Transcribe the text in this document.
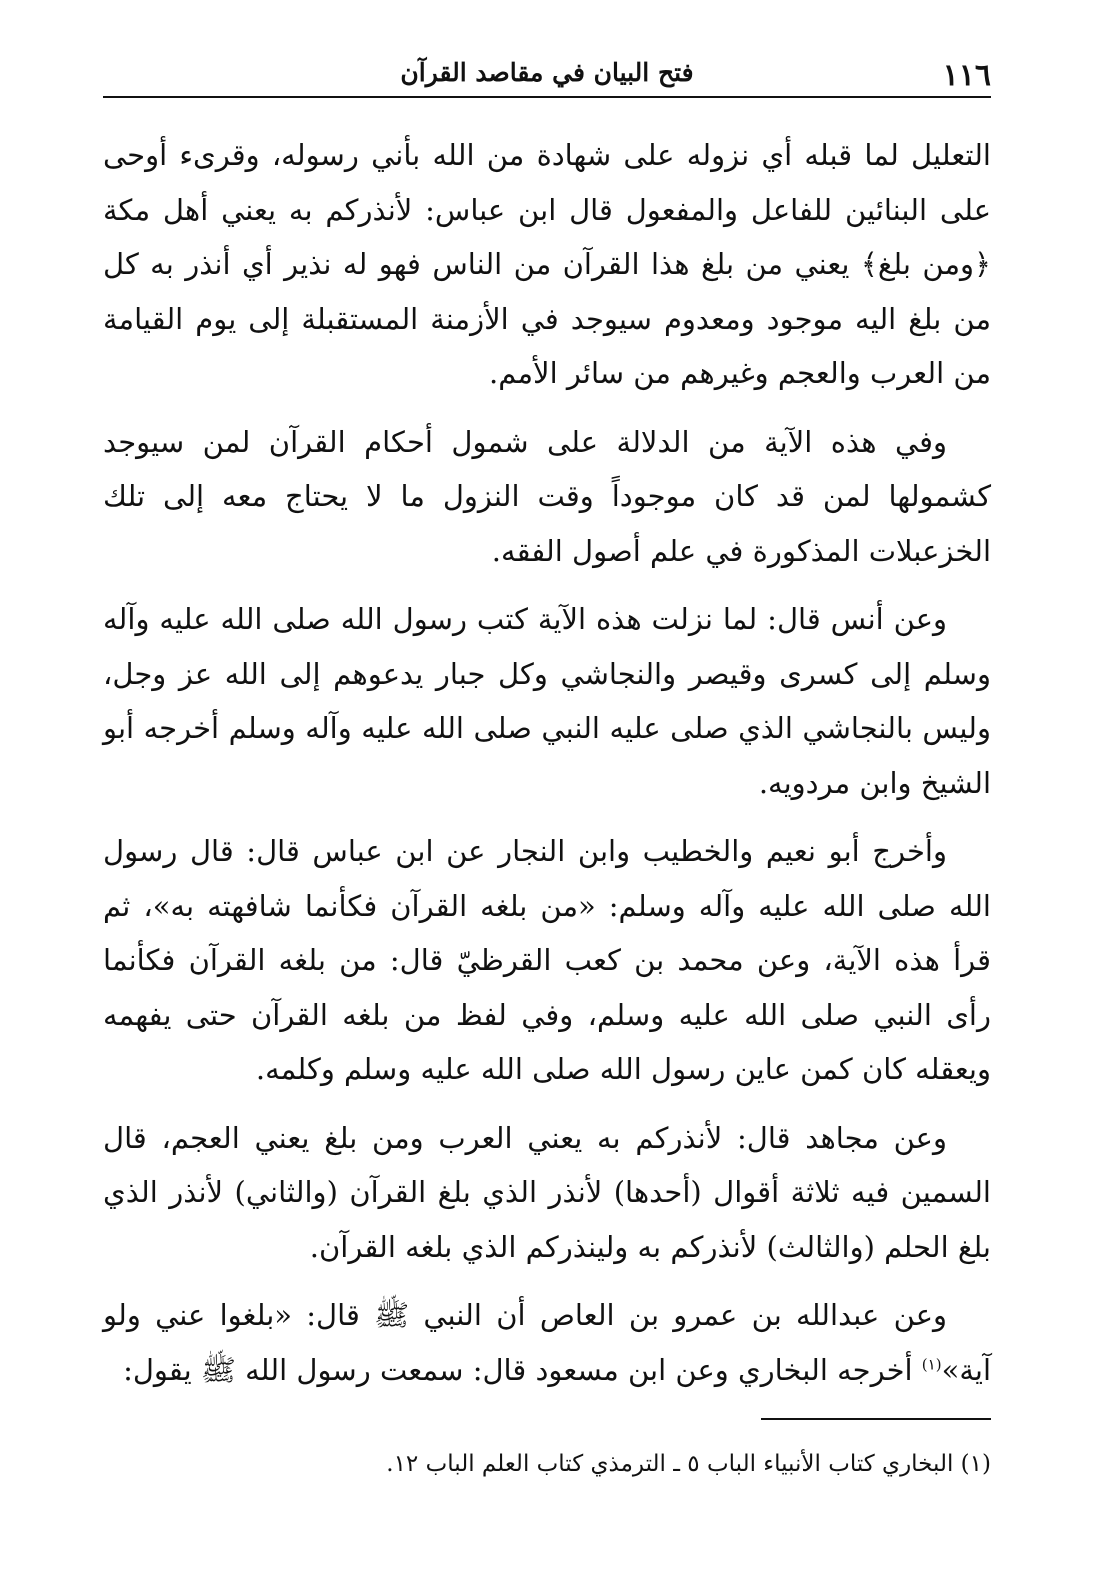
١١٦
فتح البيان في مقاصد القرآن

التعليل لما قبله أي نزوله على شهادة من الله بأني رسوله، وقرىء أوحى على البنائين للفاعل والمفعول قال ابن عباس: لأنذركم به يعني أهل مكة ﴿ومن بلغ﴾ يعني من بلغ هذا القرآن من الناس فهو له نذير أي أنذر به كل من بلغ اليه موجود ومعدوم سيوجد في الأزمنة المستقبلة إلى يوم القيامة من العرب والعجم وغيرهم من سائر الأمم.

وفي هذه الآية من الدلالة على شمول أحكام القرآن لمن سيوجد كشمولها لمن قد كان موجوداً وقت النزول ما لا يحتاج معه إلى تلك الخزعبلات المذكورة في علم أصول الفقه.

وعن أنس قال: لما نزلت هذه الآية كتب رسول الله صلى الله عليه وآله وسلم إلى كسرى وقيصر والنجاشي وكل جبار يدعوهم إلى الله عز وجل، وليس بالنجاشي الذي صلى عليه النبي صلى الله عليه وآله وسلم أخرجه أبو الشيخ وابن مردويه.

وأخرج أبو نعيم والخطيب وابن النجار عن ابن عباس قال: قال رسول الله صلى الله عليه وآله وسلم: «من بلغه القرآن فكأنما شافهته به»، ثم قرأ هذه الآية، وعن محمد بن كعب القرظيّ قال: من بلغه القرآن فكأنما رأى النبي صلى الله عليه وسلم، وفي لفظ من بلغه القرآن حتى يفهمه ويعقله كان كمن عاين رسول الله صلى الله عليه وسلم وكلمه.

وعن مجاهد قال: لأنذركم به يعني العرب ومن بلغ يعني العجم، قال السمين فيه ثلاثة أقوال (أحدها) لأنذر الذي بلغ القرآن (والثاني) لأنذر الذي بلغ الحلم (والثالث) لأنذركم به ولينذركم الذي بلغه القرآن.

وعن عبدالله بن عمرو بن العاص أن النبي ﷺ قال: «بلغوا عني ولو آية»$^{(١)}$ أخرجه البخاري وعن ابن مسعود قال: سمعت رسول الله ﷺ يقول:

(١) البخاري كتاب الأنبياء الباب ٥ ـ الترمذي كتاب العلم الباب ١٢.
